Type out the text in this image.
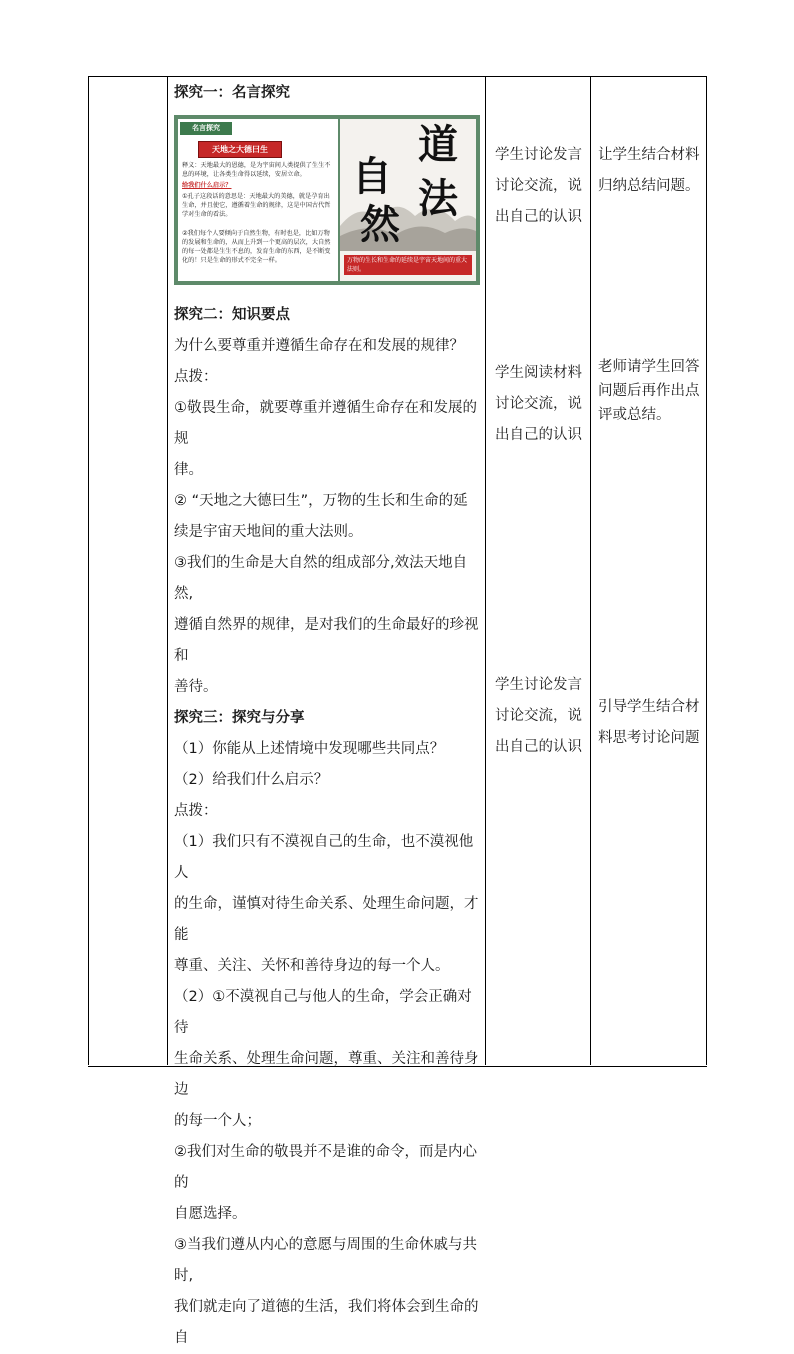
探究一：名言探究

探究二：知识要点

为什么要尊重并遵循生命存在和发展的规律？

点拨：

①敬畏生命，就要尊重并遵循生命存在和发展的规

律。

② “天地之大德曰生”，万物的生长和生命的延

续是宇宙天地间的重大法则。

③我们的生命是大自然的组成部分,效法天地自然,

遵循自然界的规律，是对我们的生命最好的珍视和

善待。

探究三：探究与分享

（1）你能从上述情境中发现哪些共同点？

（2）给我们什么启示？

点拨：

（1）我们只有不漠视自己的生命，也不漠视他人

的生命，谨慎对待生命关系、处理生命问题，才能

尊重、关注、关怀和善待身边的每一个人。

（2）①不漠视自己与他人的生命，学会正确对待

生命关系、处理生命问题，尊重、关注和善待身边

的每一个人；

②我们对生命的敬畏并不是谁的命令，而是内心的

自愿选择。

③当我们遵从内心的意愿与周围的生命休戚与共时,

我们就走向了道德的生活，我们将体会到生命的自

名言探究
天地之大德曰生
释义：天地最大的恩德，是为宇宙间人类提供了生生不息的环境，让各类生命得以延续，安居立命。
给我们什么启示？
①孔子这段话的意思是：天地最大的美德，就是孕育出生命，并且使它，遵循着生命的规律，这是中国古代哲学对生命的看法。
②我们每个人要倾向于自然生物，有时也是，比如万物的发展和生命的，从而上升到一个更高的层次，大自然的每一处都是生生不息的，发育生命的东西，是不断变化的！只是生命的形式不完全一样。
道
自 法
然
万物的生长和生命的延续是宇宙天地间的重大法则。

学生讨论发言

讨论交流，说

出自己的认识

学生阅读材料

讨论交流，说

出自己的认识

学生讨论发言

讨论交流，说

出自己的认识

让学生结合材料

归纳总结问题。

老师请学生回答

问题后再作出点

评或总结。

引导学生结合材

料思考讨论问题
